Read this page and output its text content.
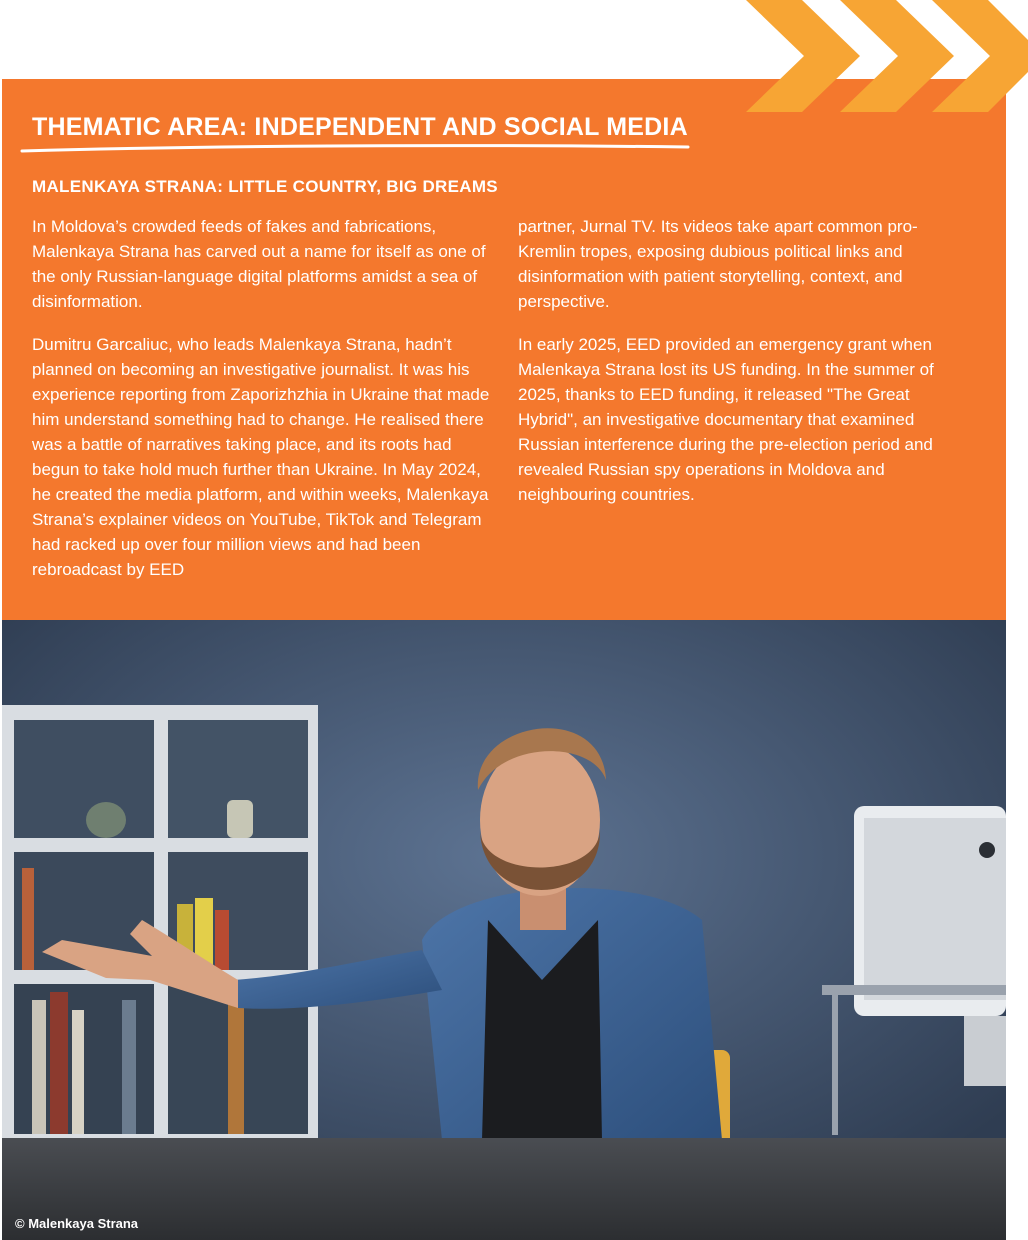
THEMATIC AREA: INDEPENDENT AND SOCIAL MEDIA
MALENKAYA STRANA: LITTLE COUNTRY, BIG DREAMS

In Moldova’s crowded feeds of fakes and fabrications, Malenkaya Strana has carved out a name for itself as one of the only Russian-language digital platforms amidst a sea of disinformation.

Dumitru Garcaliuc, who leads Malenkaya Strana, hadn’t planned on becoming an investigative journalist. It was his experience reporting from Zaporizhzhia in Ukraine that made him understand something had to change. He realised there was a battle of narratives taking place, and its roots had begun to take hold much further than Ukraine. In May 2024, he created the media platform, and within weeks, Malenkaya Strana’s explainer videos on YouTube, TikTok and Telegram had racked up over four million views and had been rebroadcast by EED

partner, Jurnal TV. Its videos take apart common pro-Kremlin tropes, exposing dubious political links and disinformation with patient storytelling, context, and perspective.

In early 2025, EED provided an emergency grant when Malenkaya Strana lost its US funding. In the summer of 2025, thanks to EED funding, it released "The Great Hybrid", an investigative documentary that examined Russian interference during the pre-election period and revealed Russian spy operations in Moldova and neighbouring countries.

© Malenkaya Strana
